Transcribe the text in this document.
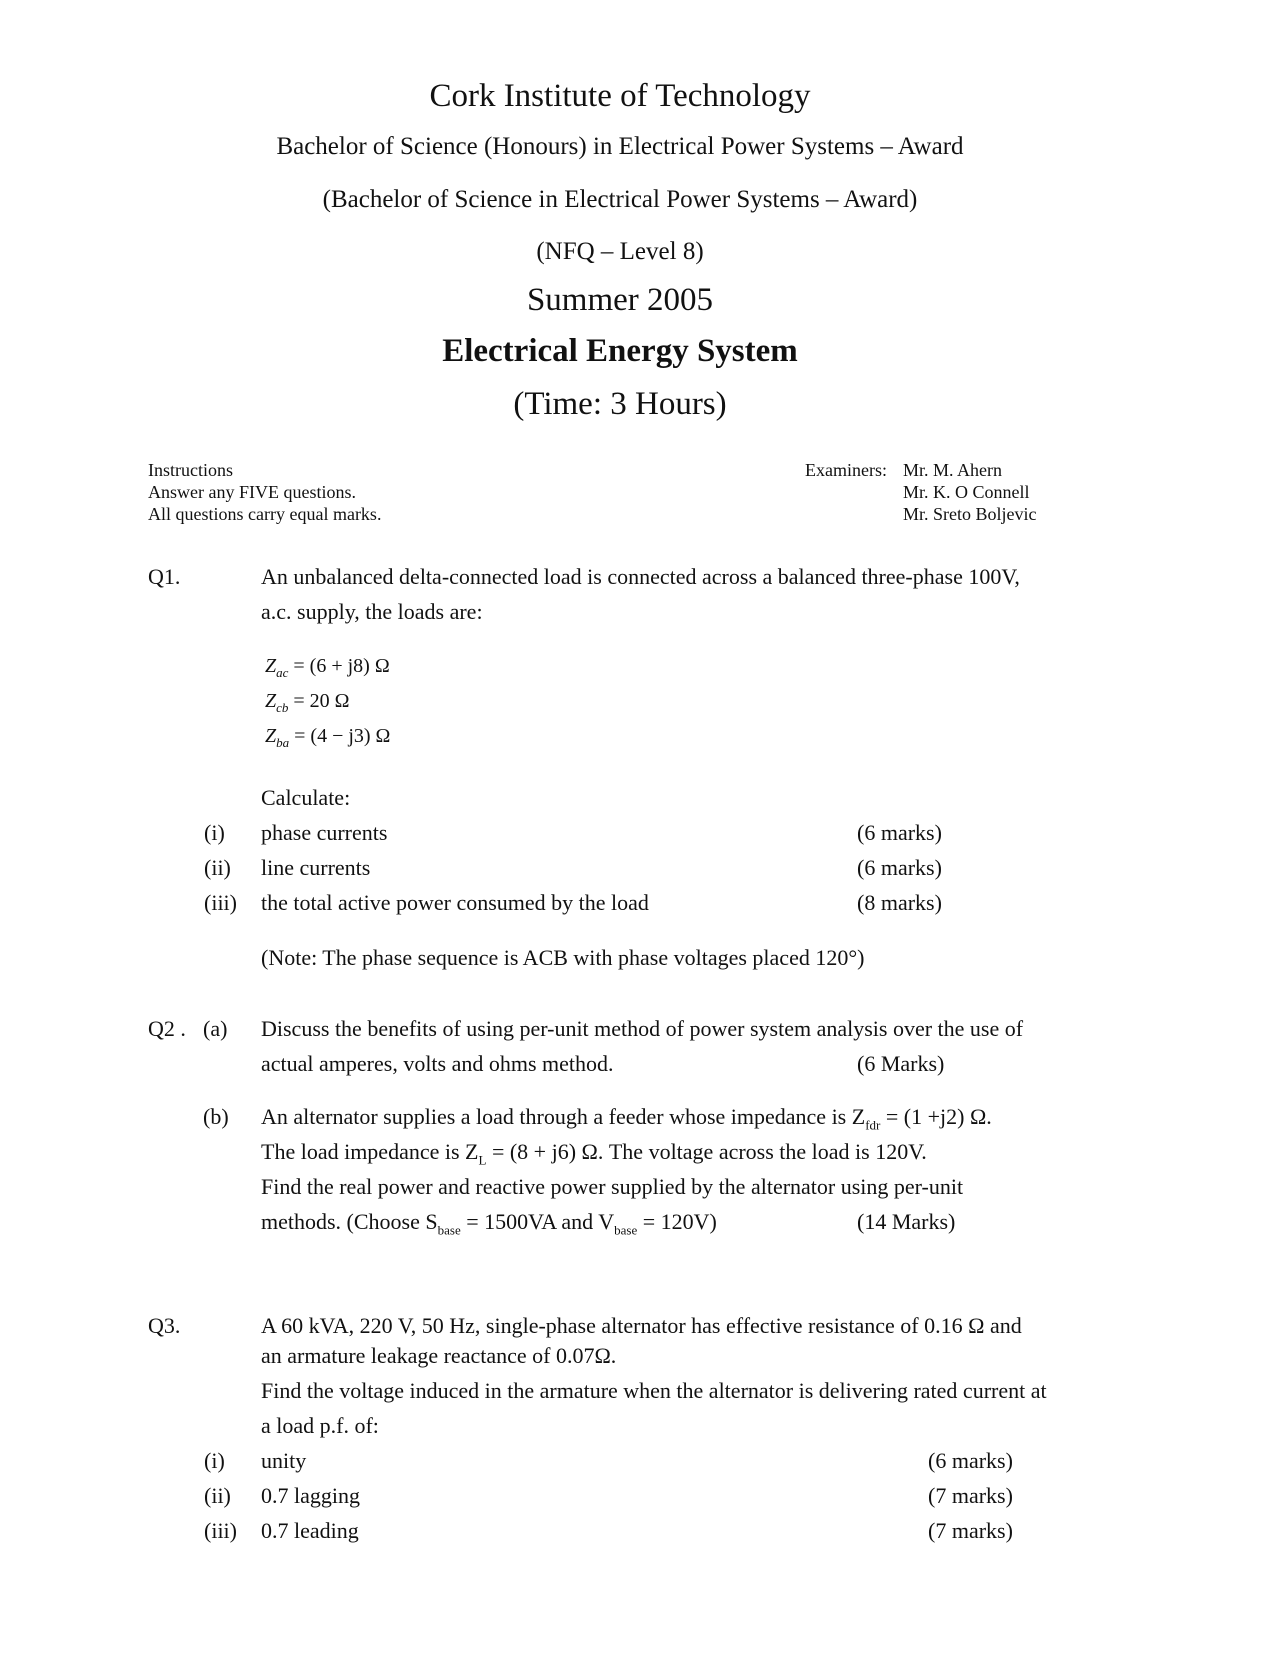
Cork Institute of Technology
Bachelor of Science (Honours) in Electrical Power Systems – Award
(Bachelor of Science in Electrical Power Systems – Award)
(NFQ – Level 8)
Summer 2005
Electrical Energy System
(Time: 3 Hours)
Instructions
Answer any FIVE questions.
All questions carry equal marks.
Examiners: Mr. M. Ahern
Mr. K. O Connell
Mr. Sreto Boljevic
Q1.	An unbalanced delta-connected load is connected across a balanced three-phase 100V,
a.c. supply, the loads are:
$Z_{ac} = (6 + j8)$ Ω
$Z_{cb} = 20$ Ω
$Z_{ba} = (4 - j3)$ Ω
Calculate:
(i) phase currents	(6 marks)
(ii) line currents	(6 marks)
(iii) the total active power consumed by the load	(8 marks)
(Note: The phase sequence is ACB with phase voltages placed 120°)
Q2 . (a) Discuss the benefits of using per-unit method of power system analysis over the use of
actual amperes, volts and ohms method.	(6 Marks)
(b) An alternator supplies a load through a feeder whose impedance is $Z_{fdr} = (1 +j2)$ Ω.
The load impedance is $Z_L = (8 + j6)$ Ω. The voltage across the load is 120V.
Find the real power and reactive power supplied by the alternator using per-unit
methods. (Choose $S_{base} = 1500VA$ and $V_{base} = 120V$)	(14 Marks)
Q3.	A 60 kVA, 220 V, 50 Hz, single-phase alternator has effective resistance of 0.16 Ω and
an armature leakage reactance of 0.07Ω.
Find the voltage induced in the armature when the alternator is delivering rated current at
a load p.f. of:
(i) unity	(6 marks)
(ii) 0.7 lagging	(7 marks)
(iii) 0.7 leading	(7 marks)
